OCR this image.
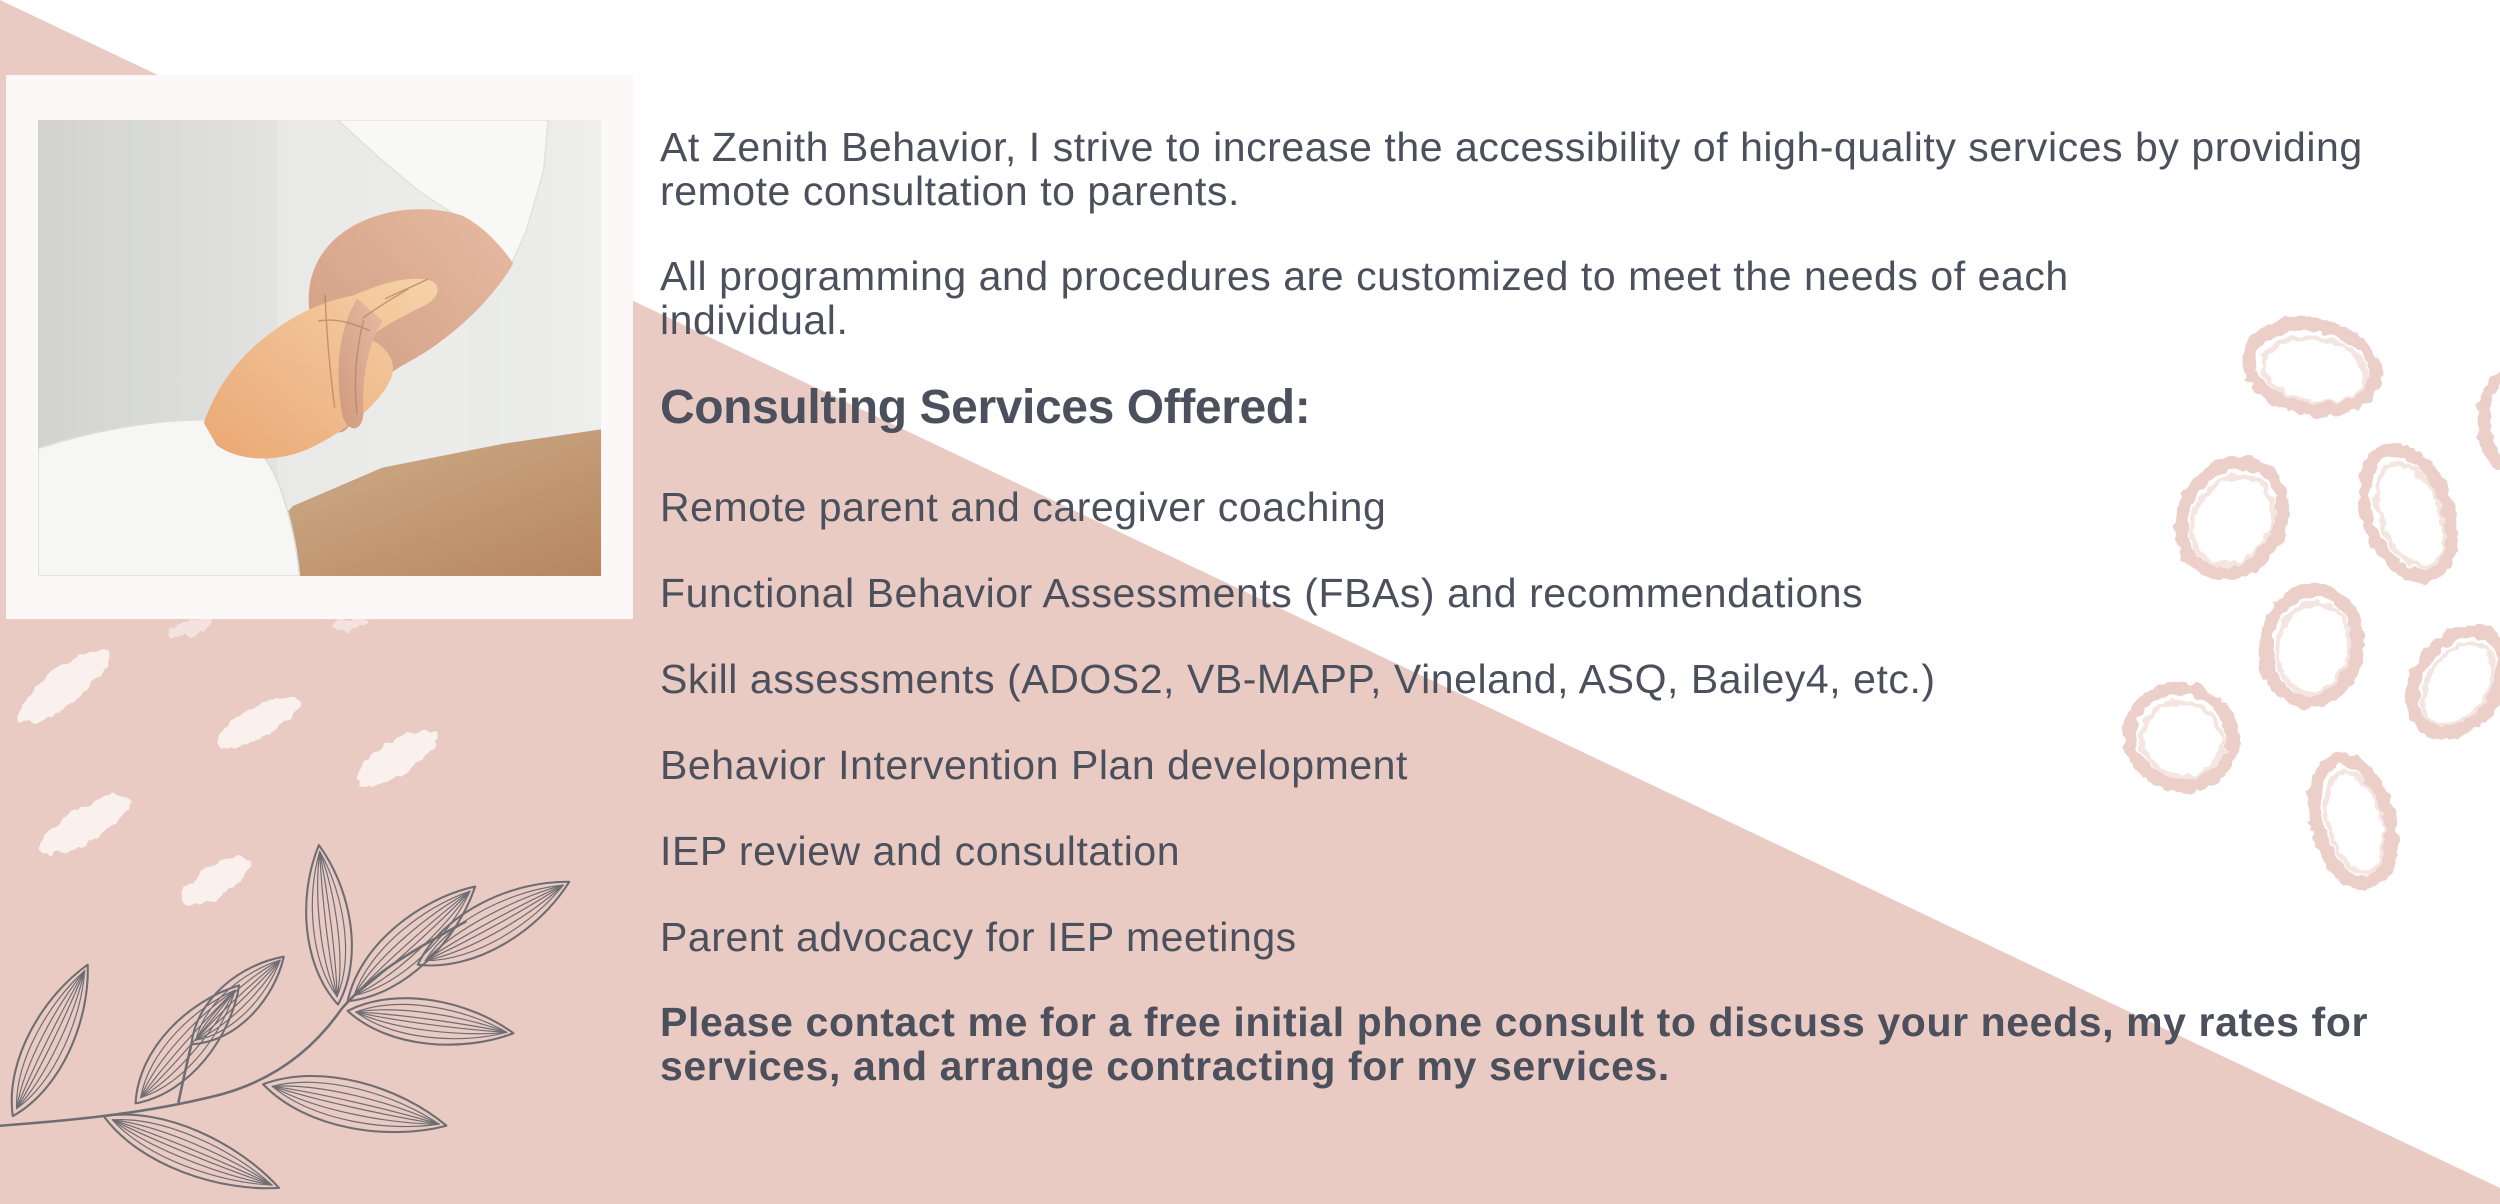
At Zenith Behavior, I strive to increase the accessibility of high-quality services by providing
remote consultation to parents.
All programming and procedures are customized to meet the needs of each
individual.
Consulting Services Offered:
Remote parent and caregiver coaching
Functional Behavior Assessments (FBAs) and recommendations
Skill assessments (ADOS2, VB-MAPP, Vineland, ASQ, Bailey4, etc.)
Behavior Intervention Plan development
IEP review and consultation
Parent advocacy for IEP meetings
Please contact me for a free initial phone consult to discuss your needs, my rates for
services, and arrange contracting for my services.
